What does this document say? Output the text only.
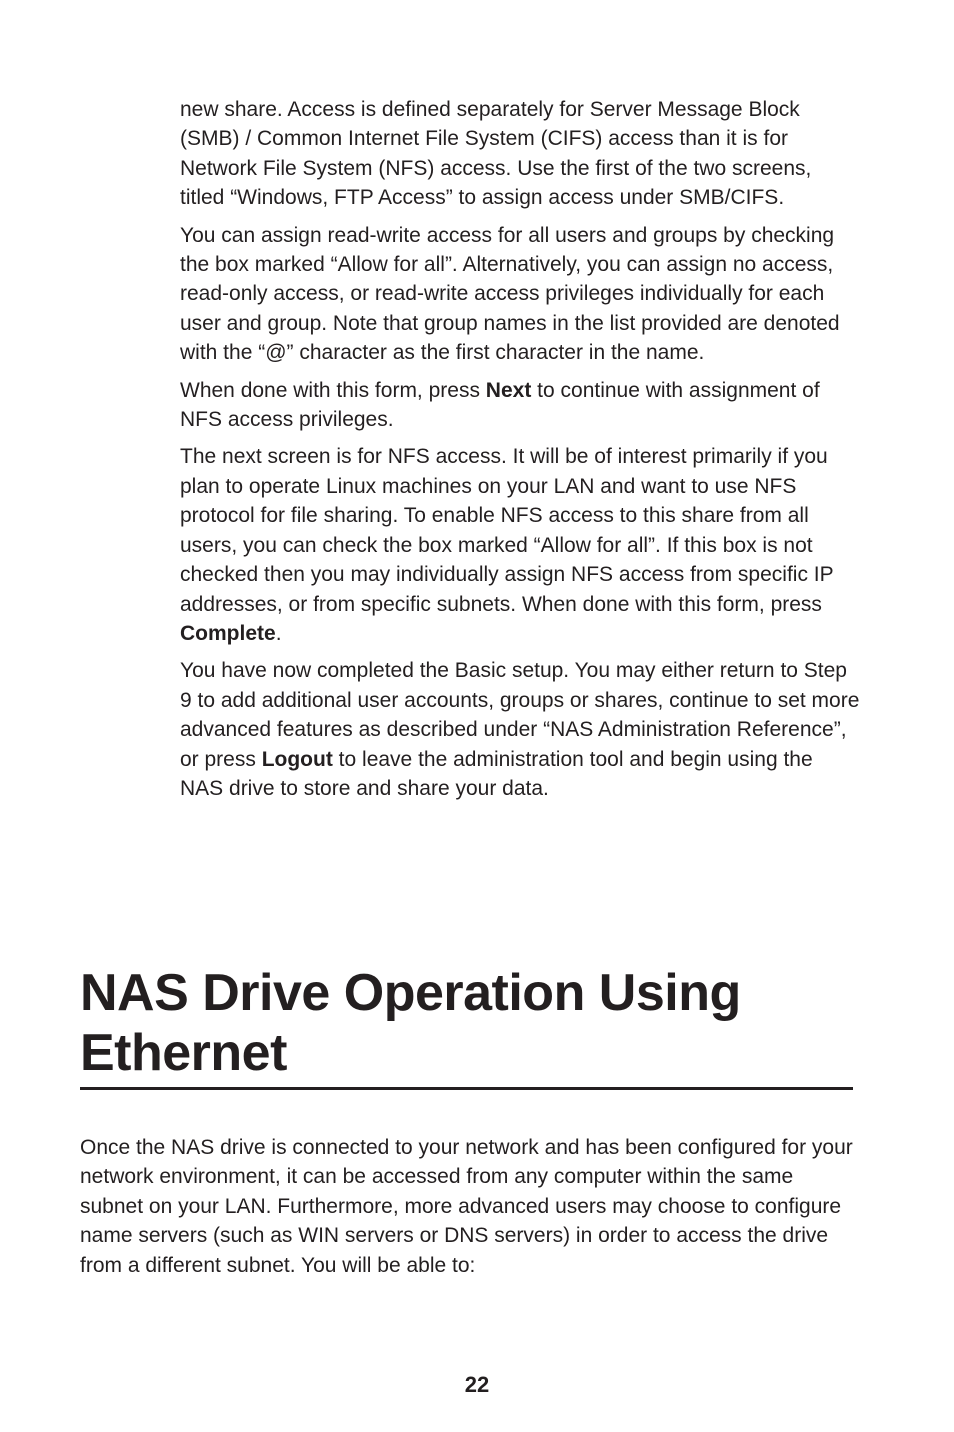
new share. Access is defined separately for Server Message Block (SMB) / Common Internet File System (CIFS) access than it is for Network File System (NFS) access. Use the first of the two screens, titled “Windows, FTP Access” to assign access under SMB/CIFS.

You can assign read-write access for all users and groups by checking the box marked “Allow for all”. Alternatively, you can assign no access, read-only access, or read-write access privileges individually for each user and group. Note that group names in the list provided are denoted with the “@” character as the first character in the name.

When done with this form, press Next to continue with assignment of NFS access privileges.

The next screen is for NFS access. It will be of interest primarily if you plan to operate Linux machines on your LAN and want to use NFS protocol for file sharing. To enable NFS access to this share from all users, you can check the box marked “Allow for all”. If this box is not checked then you may individually assign NFS access from specific IP addresses, or from specific subnets. When done with this form, press Complete.

You have now completed the Basic setup. You may either return to Step 9 to add additional user accounts, groups or shares, continue to set more advanced features as described under “NAS Administration Reference”, or press Logout to leave the administration tool and begin using the NAS drive to store and share your data.

NAS Drive Operation Using Ethernet

Once the NAS drive is connected to your network and has been configured for your network environment, it can be accessed from any computer within the same subnet on your LAN. Furthermore, more advanced users may choose to configure name servers (such as WIN servers or DNS servers) in order to access the drive from a different subnet. You will be able to:

22
